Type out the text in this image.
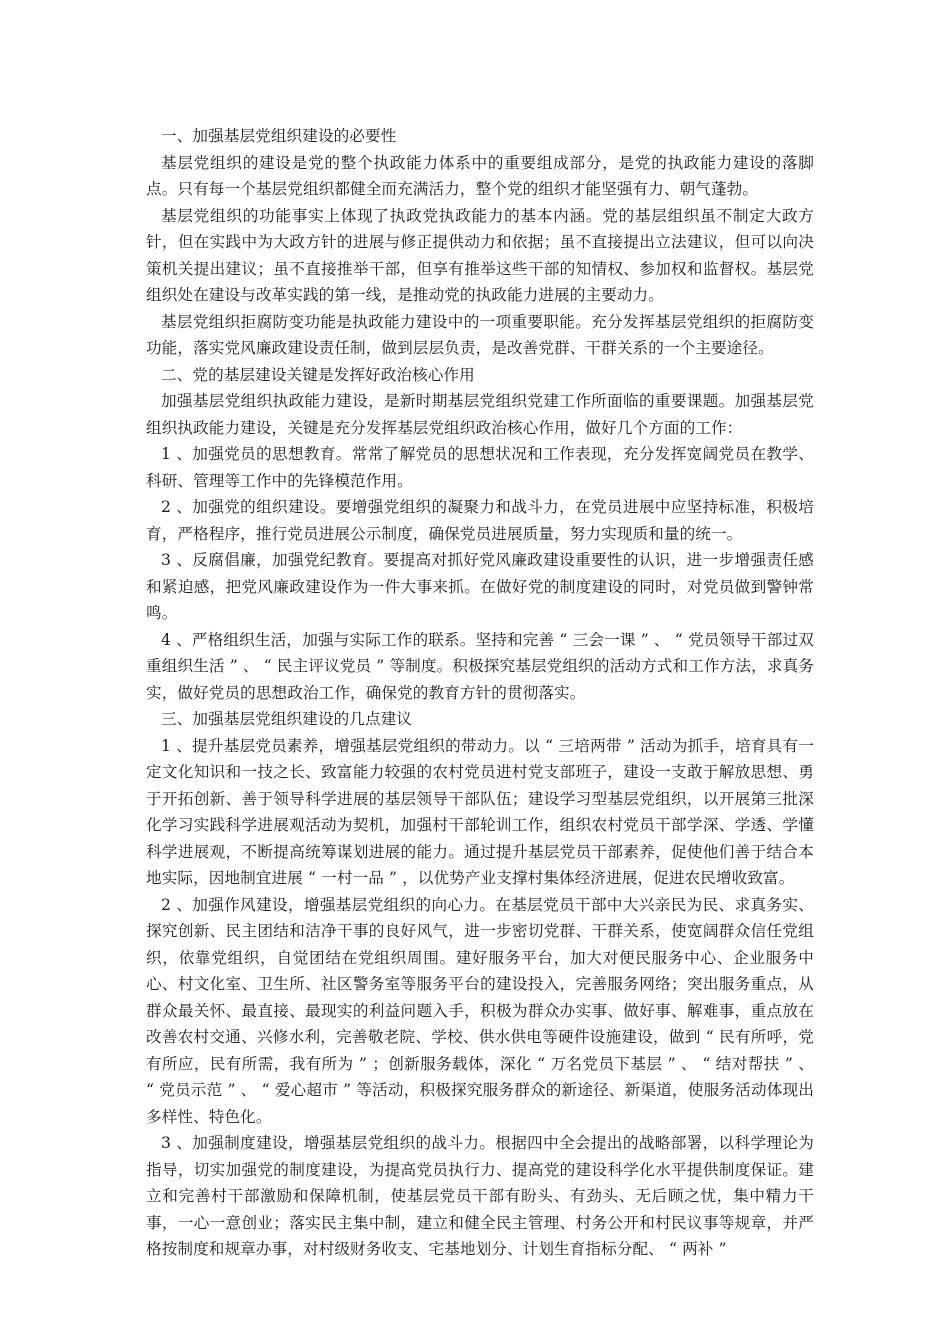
一、加强基层党组织建设的必要性

基层党组织的建设是党的整个执政能力体系中的重要组成部分，是党的执政能力建设的落脚点。只有每一个基层党组织都健全而充满活力，整个党的组织才能坚强有力、朝气蓬勃。

基层党组织的功能事实上体现了执政党执政能力的基本内涵。党的基层组织虽不制定大政方针，但在实践中为大政方针的进展与修正提供动力和依据；虽不直接提出立法建议，但可以向决策机关提出建议；虽不直接推举干部，但享有推举这些干部的知情权、参加权和监督权。基层党组织处在建设与改革实践的第一线，是推动党的执政能力进展的主要动力。

基层党组织拒腐防变功能是执政能力建设中的一项重要职能。充分发挥基层党组织的拒腐防变功能，落实党风廉政建设责任制，做到层层负责，是改善党群、干群关系的一个主要途径。

二、党的基层建设关键是发挥好政治核心作用

加强基层党组织执政能力建设，是新时期基层党组织党建工作所面临的重要课题。加强基层党组织执政能力建设，关键是充分发挥基层党组织政治核心作用，做好几个方面的工作：

1 、加强党员的思想教育。常常了解党员的思想状况和工作表现，充分发挥宽阔党员在教学、科研、管理等工作中的先锋模范作用。

2 、加强党的组织建设。要增强党组织的凝聚力和战斗力，在党员进展中应坚持标准，积极培育，严格程序，推行党员进展公示制度，确保党员进展质量，努力实现质和量的统一。

3 、反腐倡廉，加强党纪教育。要提高对抓好党风廉政建设重要性的认识，进一步增强责任感和紧迫感，把党风廉政建设作为一件大事来抓。在做好党的制度建设的同时，对党员做到警钟常鸣。

4 、严格组织生活，加强与实际工作的联系。坚持和完善 “ 三会一课 ” 、 “ 党员领导干部过双重组织生活 ” 、 “ 民主评议党员 ” 等制度。积极探究基层党组织的活动方式和工作方法，求真务实，做好党员的思想政治工作，确保党的教育方针的贯彻落实。

三、加强基层党组织建设的几点建议

1 、提升基层党员素养，增强基层党组织的带动力。以 “ 三培两带 ” 活动为抓手，培育具有一定文化知识和一技之长、致富能力较强的农村党员进村党支部班子，建设一支敢于解放思想、勇于开拓创新、善于领导科学进展的基层领导干部队伍；建设学习型基层党组织，以开展第三批深化学习实践科学进展观活动为契机，加强村干部轮训工作，组织农村党员干部学深、学透、学懂科学进展观，不断提高统筹谋划进展的能力。通过提升基层党员干部素养，促使他们善于结合本地实际，因地制宜进展 “ 一村一品 ” ，以优势产业支撑村集体经济进展，促进农民增收致富。

2 、加强作风建设，增强基层党组织的向心力。在基层党员干部中大兴亲民为民、求真务实、探究创新、民主团结和洁净干事的良好风气，进一步密切党群、干群关系，使宽阔群众信任党组织，依靠党组织，自觉团结在党组织周围。建好服务平台，加大对便民服务中心、企业服务中心、村文化室、卫生所、社区警务室等服务平台的建设投入，完善服务网络；突出服务重点，从群众最关怀、最直接、最现实的利益问题入手，积极为群众办实事、做好事、解难事，重点放在改善农村交通、兴修水利，完善敬老院、学校、供水供电等硬件设施建设，做到 “ 民有所呼，党有所应，民有所需，我有所为 ” ；创新服务载体，深化 “ 万名党员下基层 ” 、 “ 结对帮扶 ” 、 “ 党员示范 ” 、 “ 爱心超市 ” 等活动，积极探究服务群众的新途径、新渠道，使服务活动体现出多样性、特色化。

3 、加强制度建设，增强基层党组织的战斗力。根据四中全会提出的战略部署，以科学理论为指导，切实加强党的制度建设，为提高党员执行力、提高党的建设科学化水平提供制度保证。建立和完善村干部激励和保障机制，使基层党员干部有盼头、有劲头、无后顾之忧，集中精力干事，一心一意创业；落实民主集中制，建立和健全民主管理、村务公开和村民议事等规章，并严格按制度和规章办事，对村级财务收支、宅基地划分、计划生育指标分配、 “ 两补 ”
